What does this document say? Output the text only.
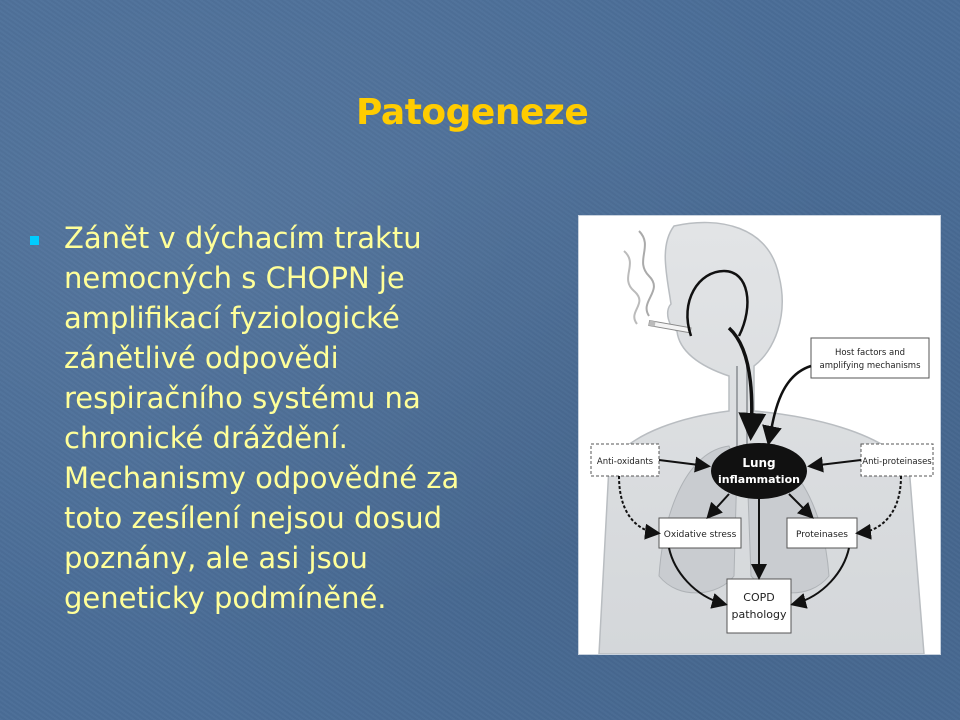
Patogeneze

Zánět v dýchacím traktu
nemocných s CHOPN je
amplifikací fyziologické
zánětlivé odpovědi
respiračního systému na
chronické dráždění.
Mechanismy odpovědné za
toto zesílení nejsou dosud
poznány, ale asi jsou
geneticky podmíněné.

Host factors and
amplifying mechanisms
Anti-oxidants	Anti-proteinases
Lung
inflammation
Oxidative stress	Proteinases
COPD
pathology
